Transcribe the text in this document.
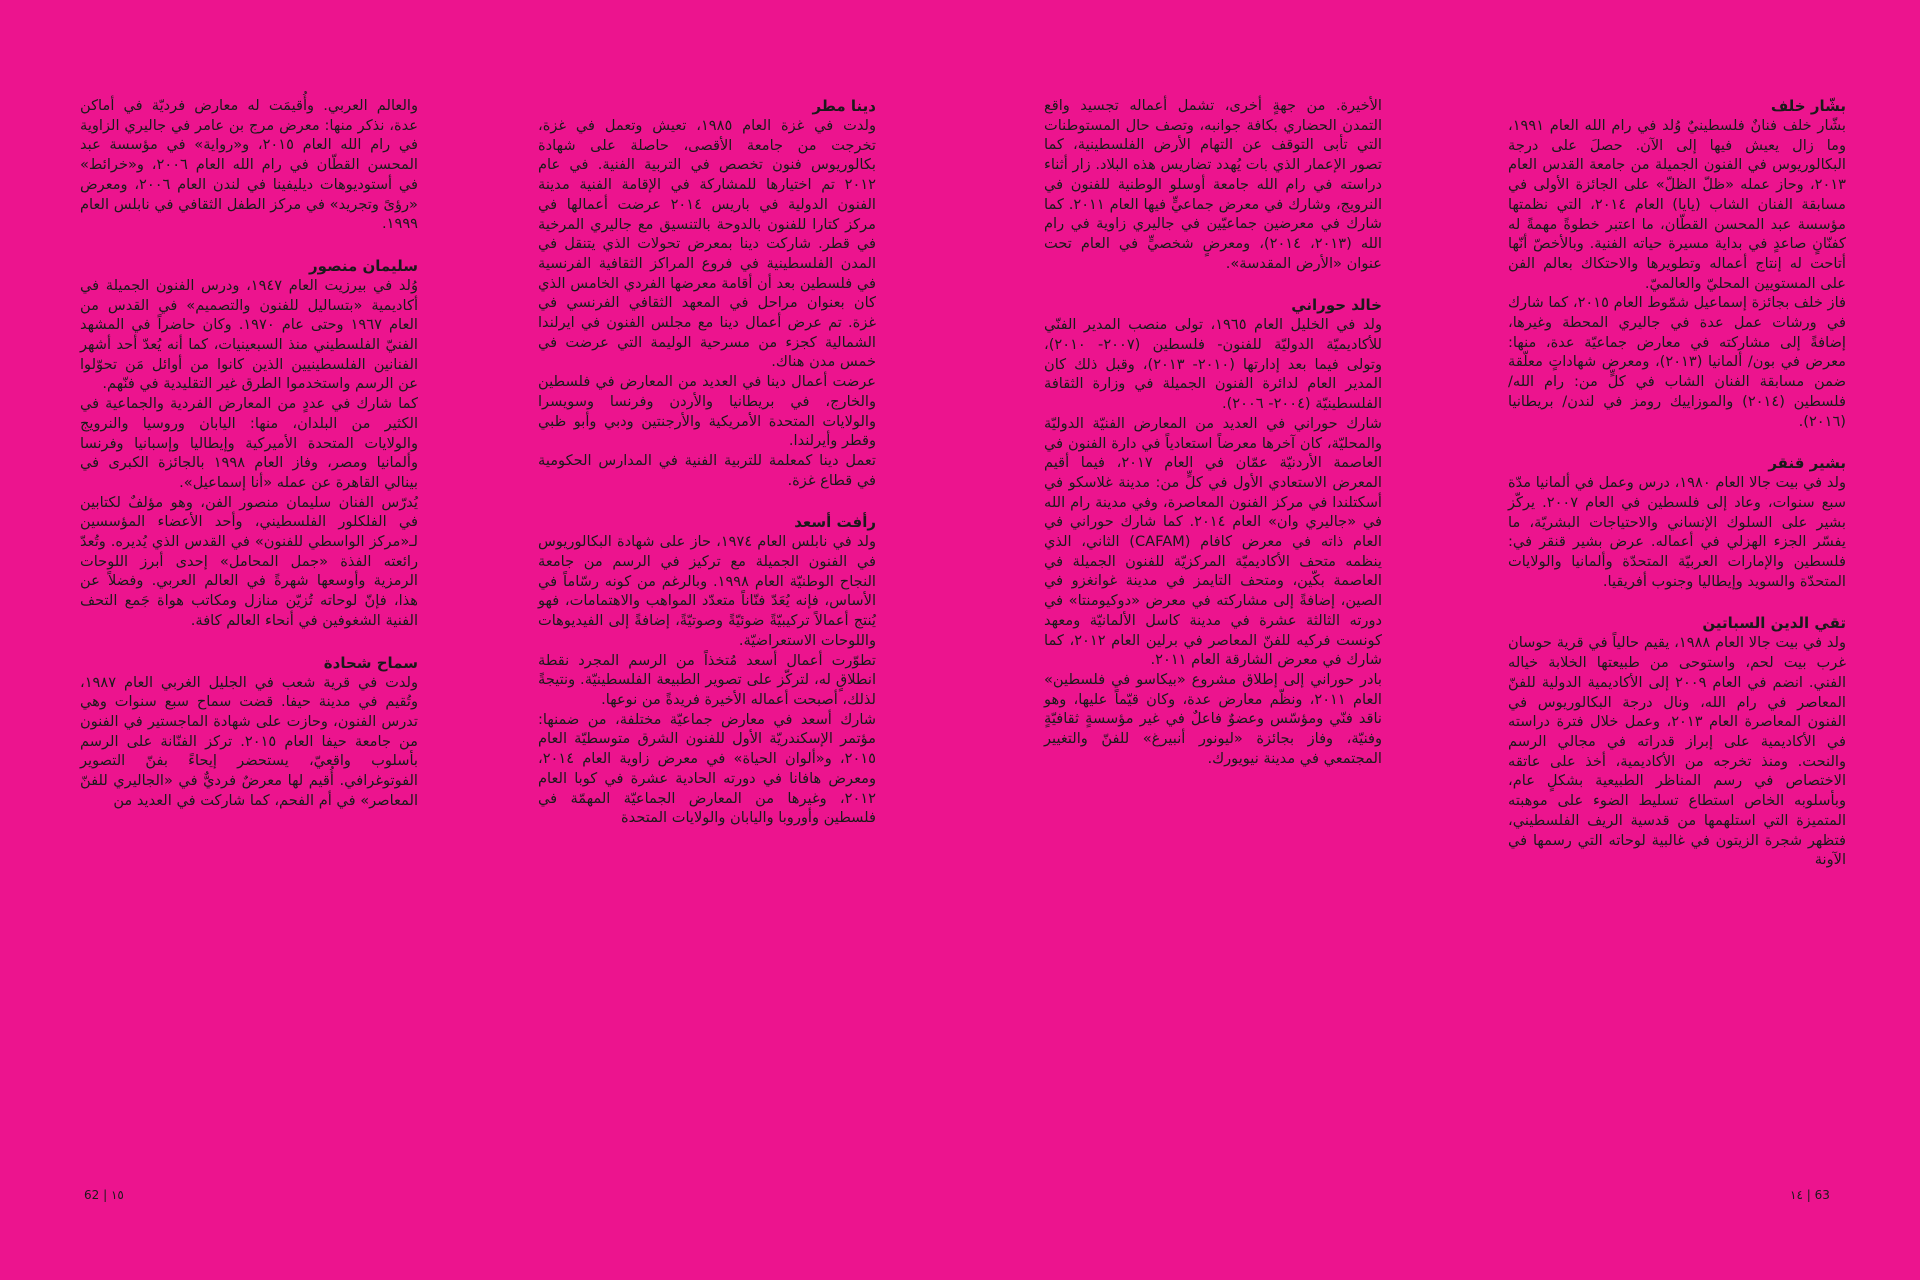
بشّار خلف

بشّار خلف فنانٌ فلسطينيٌ وُلد في رام الله العام ١٩٩١، وما زال يعيش فيها إلى الآن. حصلَ على درجة البكالوريوس في الفنون الجميلة من جامعة القدس العام ٢٠١٣، وحاز عمله «ظلّ الظلّ» على الجائزة الأولى في مسابقة الفنان الشاب (يايا) العام ٢٠١٤، التي نظمتها مؤسسة عبد المحسن القطّان، ما اعتبر خطوةً مهمةً له كفنّانٍ صاعدٍ في بداية مسيرة حياته الفنية. وبالأخصّ أنّها أتاحت له إنتاج أعماله وتطويرها والاحتكاك بعالم الفن على المستويين المحليّ والعالميّ.

فاز خلف بجائزة إسماعيل شمّوط العام ٢٠١٥، كما شارك في ورشات عمل عدة في جاليري المحطة وغيرها، إضافةً إلى مشاركته في معارض جماعيّة عدة، منها: معرض في بون/ ألمانيا (٢٠١٣)، ومعرض شهاداتٍ معلّقة ضمن مسابقة الفنان الشاب في كلٍّ من: رام الله/ فلسطين (٢٠١٤) والموزاييك رومز في لندن/ بريطانيا (٢٠١٦).

بشير قنقر

ولد في بيت جالا العام ١٩٨٠، درس وعمل في ألمانيا مدّة سبع سنوات، وعاد إلى فلسطين في العام ٢٠٠٧. يركّز بشير على السلوك الإنساني والاحتياجات البشريّة، ما يفسّر الجزء الهزلي في أعماله. عرض بشير قنقر في: فلسطين والإمارات العربيّة المتحدّة وألمانيا والولايات المتحدّة والسويد وإيطاليا وجنوب أفريقيا.

تقي الدين السباتين

ولد في بيت جالا العام ١٩٨٨، يقيم حالياً في قرية حوسان غرب بيت لحم، واستوحى من طبيعتها الخلابة خياله الفني. انضم في العام ٢٠٠٩ إلى الأكاديمية الدولية للفنّ المعاصر في رام الله، ونال درجة البكالوريوس في الفنون المعاصرة العام ٢٠١٣، وعمل خلال فترة دراسته في الأكاديمية على إبراز قدراته في مجالي الرسم والنحت. ومنذ تخرجه من الأكاديمية، أخذ على عاتقه الاختصاص في رسم المناظر الطبيعية بشكلٍ عام، وبأسلوبه الخاص استطاع تسليط الضوء على موهبته المتميزة التي استلهمها من قدسية الريف الفلسطيني، فتظهر شجرة الزيتون في غالبية لوحاته التي رسمها في الآونة

الأخيرة. من جهةٍ أخرى، تشمل أعماله تجسيد واقع التمدن الحضاري بكافة جوانبه، وتصف حال المستوطنات التي تأبى التوقف عن التهام الأرض الفلسطينية، كما تصور الإعمار الذي بات يُهدد تضاريس هذه البلاد. زار أثناء دراسته في رام الله جامعة أوسلو الوطنية للفنون في النرويج، وشارك في معرض جماعيٍّ فيها العام ٢٠١١. كما شارك في معرضين جماعيّين في جاليري زاوية في رام الله (٢٠١٣، ٢٠١٤)، ومعرضٍ شخصيٍّ في العام تحت عنوان «الأرض المقدسة».

خالد حوراني

ولد في الخليل العام ١٩٦٥، تولى منصب المدير الفنّي للأكاديميّة الدوليّة للفنون- فلسطين (٢٠٠٧- ٢٠١٠)، وتولى فيما بعد إدارتها (٢٠١٠- ٢٠١٣)، وقبل ذلك كان المدير العام لدائرة الفنون الجميلة في وزارة الثقافة الفلسطينيّة (٢٠٠٤- ٢٠٠٦).

شارك حوراني في العديد من المعارض الفنيّة الدوليّة والمحليّة، كان آخرها معرضاً استعادياً في دارة الفنون في العاصمة الأردنيّة عمّان في العام ٢٠١٧، فيما أقيم المعرض الاستعادي الأول في كلٍّ من: مدينة غلاسكو في أسكتلندا في مركز الفنون المعاصرة، وفي مدينة رام الله في «جاليري وان» العام ٢٠١٤. كما شارك حوراني في العام ذاته في معرض كافام (CAFAM) الثاني، الذي ينظمه متحف الأكاديميّة المركزيّة للفنون الجميلة في العاصمة بكّين، ومتحف التايمز في مدينة غوانغزو في الصين، إضافةً إلى مشاركته في معرض «دوكيومنتا» في دورته الثالثة عشرة في مدينة كاسل الألمانيّة ومعهد كونست فركيه للفنّ المعاصر في برلين العام ٢٠١٢، كما شارك في معرض الشارقة العام ٢٠١١.

بادر حوراني إلى إطلاق مشروع «بيكاسو في فلسطين» العام ٢٠١١، ونظّم معارض عدة، وكان قيّماً عليها، وهو ناقد فنّي ومؤسّس وعضوٌ فاعلٌ في غير مؤسسةٍ ثقافيّةٍ وفنيّة، وفاز بجائزة «ليونور أنبيرغ» للفنّ والتغيير المجتمعي في مدينة نيويورك.

دينا مطر

ولدت في غزة العام ١٩٨٥، تعيش وتعمل في غزة، تخرجت من جامعة الأقصى، حاصلة على شهادة بكالوريوس فنون تخصص في التربية الفنية. في عام ٢٠١٢ تم اختيارها للمشاركة في الإقامة الفنية مدينة الفنون الدولية في باريس ٢٠١٤ عرضت أعمالها في مركز كتارا للفنون بالدوحة بالتنسيق مع جاليري المرخية في قطر. شاركت دينا بمعرض تحولات الذي يتنقل في المدن الفلسطينية في فروع المراكز الثقافية الفرنسية في فلسطين بعد أن أقامة معرضها الفردي الخامس الذي كان بعنوان مراحل في المعهد الثقافي الفرنسي في غزة. تم عرض أعمال دينا مع مجلس الفنون في ايرلندا الشمالية كجزء من مسرحية الوليمة التي عرضت في خمس مدن هناك.

عرضت أعمال دينا في العديد من المعارض في فلسطين والخارج، في بريطانيا والأردن وفرنسا وسويسرا والولايات المتحدة الأمريكية والأرجنتين ودبي وأبو ظبي وقطر وأيرلندا.

تعمل دينا كمعلمة للتربية الفنية في المدارس الحكومية في قطاع غزة.

رأفت أسعد

ولد في نابلس العام ١٩٧٤، حاز على شهادة البكالوريوس في الفنون الجميلة مع تركيز في الرسم من جامعة النجاح الوطنيّة العام ١٩٩٨. وبالرغم من كونه رسّاماً في الأساس، فإنه يُعَدّ فنّاناً متعدّد المواهب والاهتمامات، فهو يُنتج أعمالاً تركيبيّةً ضوئيّةً وصوتيّةً، إضافةً إلى الفيديوهات واللوحات الاستعراضيّة.

تطوّرت أعمال أسعد مُتخذاً من الرسم المجرد نقطة انطلاقٍ له، لتركّز على تصوير الطبيعة الفلسطينيّة. ونتيجةً لذلك، أصبحت أعماله الأخيرة فريدةً من نوعها.

شارك أسعد في معارض جماعيّة مختلفة، من ضمنها: مؤتمر الإسكندريّة الأول للفنون الشرق متوسطيّة العام ٢٠١٥، و«ألوان الحياة» في معرض زاوية العام ٢٠١٤، ومعرض هافانا في دورته الحادية عشرة في كوبا العام ٢٠١٢، وغيرها من المعارض الجماعيّة المهمّة في فلسطين وأوروبا واليابان والولايات المتحدة

والعالم العربي. وأُقيمَت له معارض فرديّة في أماكن عدة، نذكر منها: معرض مرج بن عامر في جاليري الزاوية في رام الله العام ٢٠١٥، و«رواية» في مؤسسة عبد المحسن القطّان في رام الله العام ٢٠٠٦، و«خرائط» في أستوديوهات ديليفينا في لندن العام ٢٠٠٦، ومعرض «رؤىً وتجريد» في مركز الطفل الثقافي في نابلس العام ١٩٩٩.

سليمان منصور

وُلد في بيرزيت العام ١٩٤٧، ودرس الفنون الجميلة في أكاديمية «بتساليل للفنون والتصميم» في القدس من العام ١٩٦٧ وحتى عام ١٩٧٠. وكان حاضراً في المشهد الفنيّ الفلسطيني منذ السبعينيات، كما أنه يُعدّ أحد أشهر الفنانين الفلسطينيين الذين كانوا من أوائل مَن تحوّلوا عن الرسم واستخدموا الطرق غير التقليدية في فنّهم.

كما شارك في عددٍ من المعارض الفردية والجماعية في الكثير من البلدان، منها: اليابان وروسيا والنرويج والولايات المتحدة الأميركية وإيطاليا وإسبانيا وفرنسا وألمانيا ومصر، وفاز العام ١٩٩٨ بالجائزة الكبرى في بينالي القاهرة عن عمله «أنا إسماعيل».

يُدرّس الفنان سليمان منصور الفن، وهو مؤلفٌ لكتابين في الفلكلور الفلسطيني، وأحد الأعضاء المؤسسين لـ«مركز الواسطي للفنون» في القدس الذي يُديره. وتُعدّ رائعته الفذة «جمل المحامل» إحدى أبرز اللوحات الرمزية وأوسعها شهرةً في العالم العربي. وفضلاً عن هذا، فإنّ لوحاته تُزيّن منازل ومكاتب هواة جَمع التحف الفنية الشغوفين في أنحاء العالم كافة.

سماح شحادة

ولدت في قرية شعب في الجليل الغربي العام ١٩٨٧، وتُقيم في مدينة حيفا. قضت سماح سبع سنوات وهي تدرس الفنون، وحازت على شهادة الماجستير في الفنون من جامعة حيفا العام ٢٠١٥. تركز الفنّانة على الرسم بأسلوب واقعيّ، يستحضر إيحاءً بفنّ التصوير الفوتوغرافي. أُقيم لها معرضٌ فرديٌّ في «الجاليري للفنّ المعاصر» في أم الفحم، كما شاركت في العديد من

63 | ١٤
١٥ | 62
